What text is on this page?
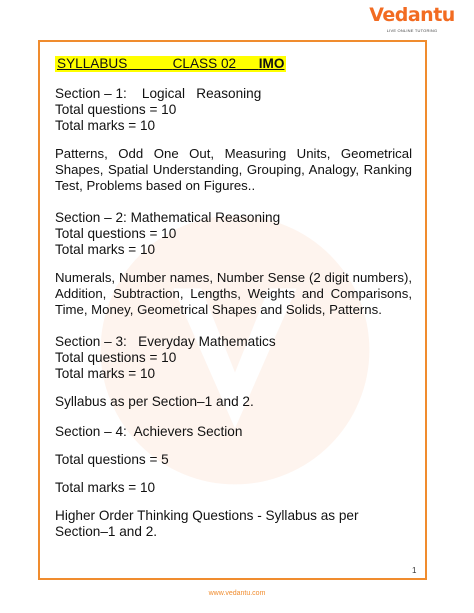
Vedantu
LIVE ONLINE TUTORING
SYLLABUS	CLASS 02 IMO
Section – 1:    Logical   Reasoning
Total questions = 10
Total marks = 10
Patterns, Odd One Out, Measuring Units, Geometrical Shapes, Spatial Understanding, Grouping, Analogy, Ranking Test, Problems based on Figures..
Section – 2: Mathematical Reasoning
Total questions = 10
Total marks = 10
Numerals, Number names, Number Sense (2 digit numbers), Addition, Subtraction, Lengths, Weights and Comparisons, Time, Money, Geometrical Shapes and Solids, Patterns.
Section – 3:   Everyday Mathematics
Total questions = 10
Total marks = 10
Syllabus as per Section–1 and 2.
Section – 4:  Achievers Section
Total questions = 5
Total marks = 10
Higher Order Thinking Questions - Syllabus as per Section–1 and 2.
1
www.vedantu.com
